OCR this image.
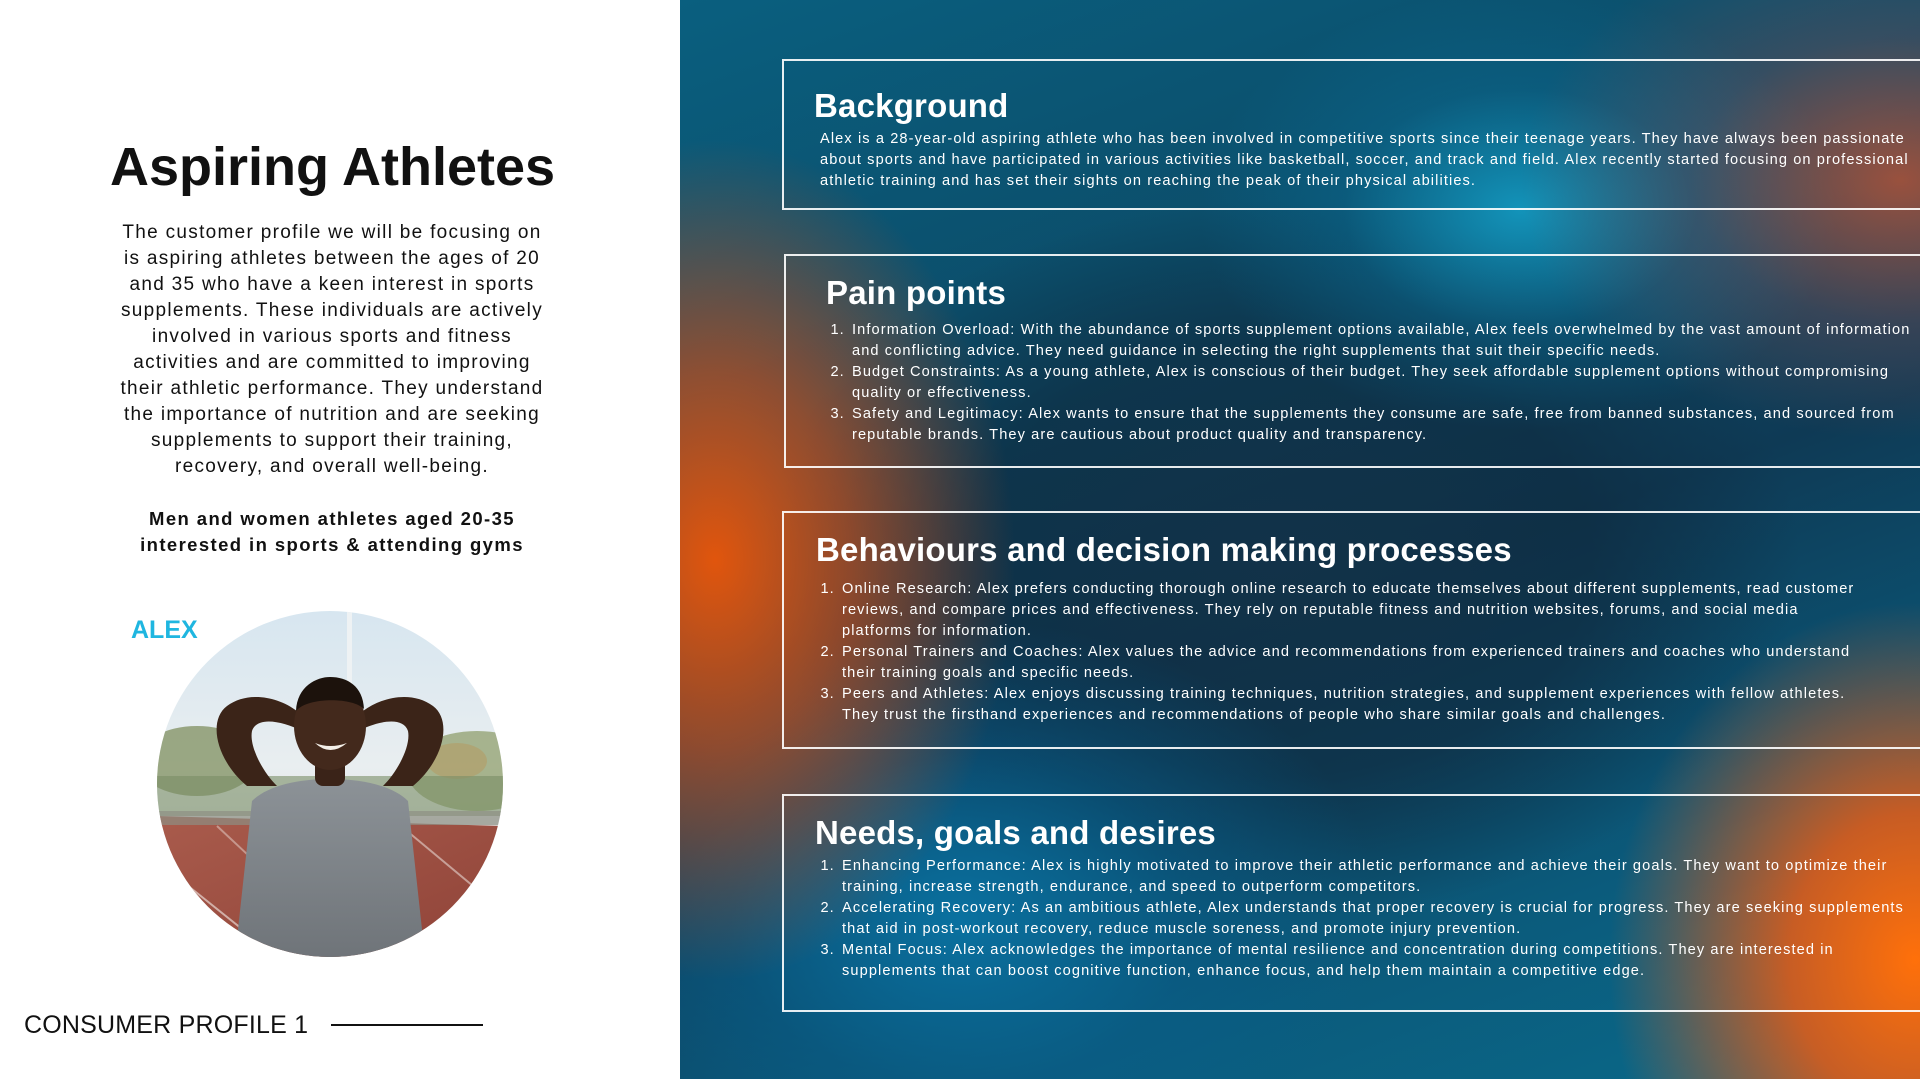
Aspiring Athletes

The customer profile we will be focusing on is aspiring athletes between the ages of 20 and 35 who have a keen interest in sports supplements. These individuals are actively involved in various sports and fitness activities and are committed to improving their athletic performance. They understand the importance of nutrition and are seeking supplements to support their training, recovery, and overall well-being.

Men and women athletes aged 20-35 interested in sports & attending gyms

ALEX
CONSUMER PROFILE 1
Background

Alex is a 28-year-old aspiring athlete who has been involved in competitive sports since their teenage years. They have always been passionate about sports and have participated in various activities like basketball, soccer, and track and field. Alex recently started focusing on professional athletic training and has set their sights on reaching the peak of their physical abilities.

Pain points
1. Information Overload: With the abundance of sports supplement options available, Alex feels overwhelmed by the vast amount of information and conflicting advice. They need guidance in selecting the right supplements that suit their specific needs.
2. Budget Constraints: As a young athlete, Alex is conscious of their budget. They seek affordable supplement options without compromising quality or effectiveness.
3. Safety and Legitimacy: Alex wants to ensure that the supplements they consume are safe, free from banned substances, and sourced from reputable brands. They are cautious about product quality and transparency.
Behaviours and decision making processes
1. Online Research: Alex prefers conducting thorough online research to educate themselves about different supplements, read customer reviews, and compare prices and effectiveness. They rely on reputable fitness and nutrition websites, forums, and social media platforms for information.
2. Personal Trainers and Coaches: Alex values the advice and recommendations from experienced trainers and coaches who understand their training goals and specific needs.
3. Peers and Athletes: Alex enjoys discussing training techniques, nutrition strategies, and supplement experiences with fellow athletes. They trust the firsthand experiences and recommendations of people who share similar goals and challenges.
Needs, goals and desires
1. Enhancing Performance: Alex is highly motivated to improve their athletic performance and achieve their goals. They want to optimize their training, increase strength, endurance, and speed to outperform competitors.
2. Accelerating Recovery: As an ambitious athlete, Alex understands that proper recovery is crucial for progress. They are seeking supplements that aid in post-workout recovery, reduce muscle soreness, and promote injury prevention.
3. Mental Focus: Alex acknowledges the importance of mental resilience and concentration during competitions. They are interested in supplements that can boost cognitive function, enhance focus, and help them maintain a competitive edge.
